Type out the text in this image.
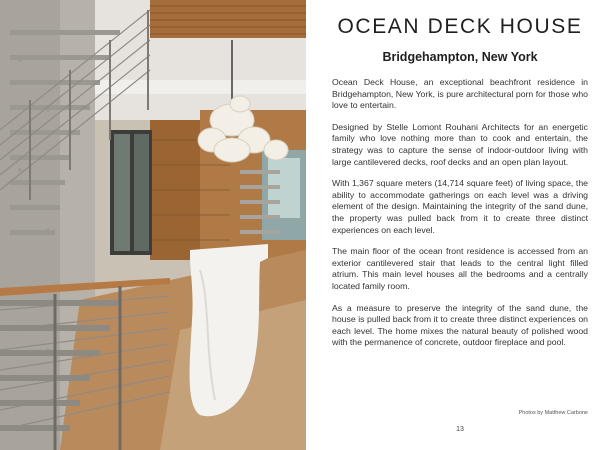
OCEAN DECK HOUSE
Bridgehampton, New York

Ocean Deck House, an exceptional beachfront residence in Bridgehampton, New York, is pure architectural porn for those who love to entertain.

Designed by Stelle Lomont Rouhani Architects for an energetic family who love nothing more than to cook and entertain, the strategy was to capture the sense of indoor-outdoor living with large cantilevered decks, roof decks and an open plan layout.

With 1,367 square meters (14,714 square feet) of living space, the ability to accommodate gatherings on each level was a driving element of the design. Maintaining the integrity of the sand dune, the property was pulled back from it to create three distinct experiences on each level.

The main floor of the ocean front residence is accessed from an exterior cantilevered stair that leads to the central light filled atrium. This main level houses all the bedrooms and a centrally located family room.

As a measure to preserve the integrity of the sand dune, the house is pulled back from it to create three distinct experiences on each level. The home mixes the natural beauty of polished wood with the permanence of concrete, outdoor fireplace and pool.

Photos by Matthew Carbone
13
